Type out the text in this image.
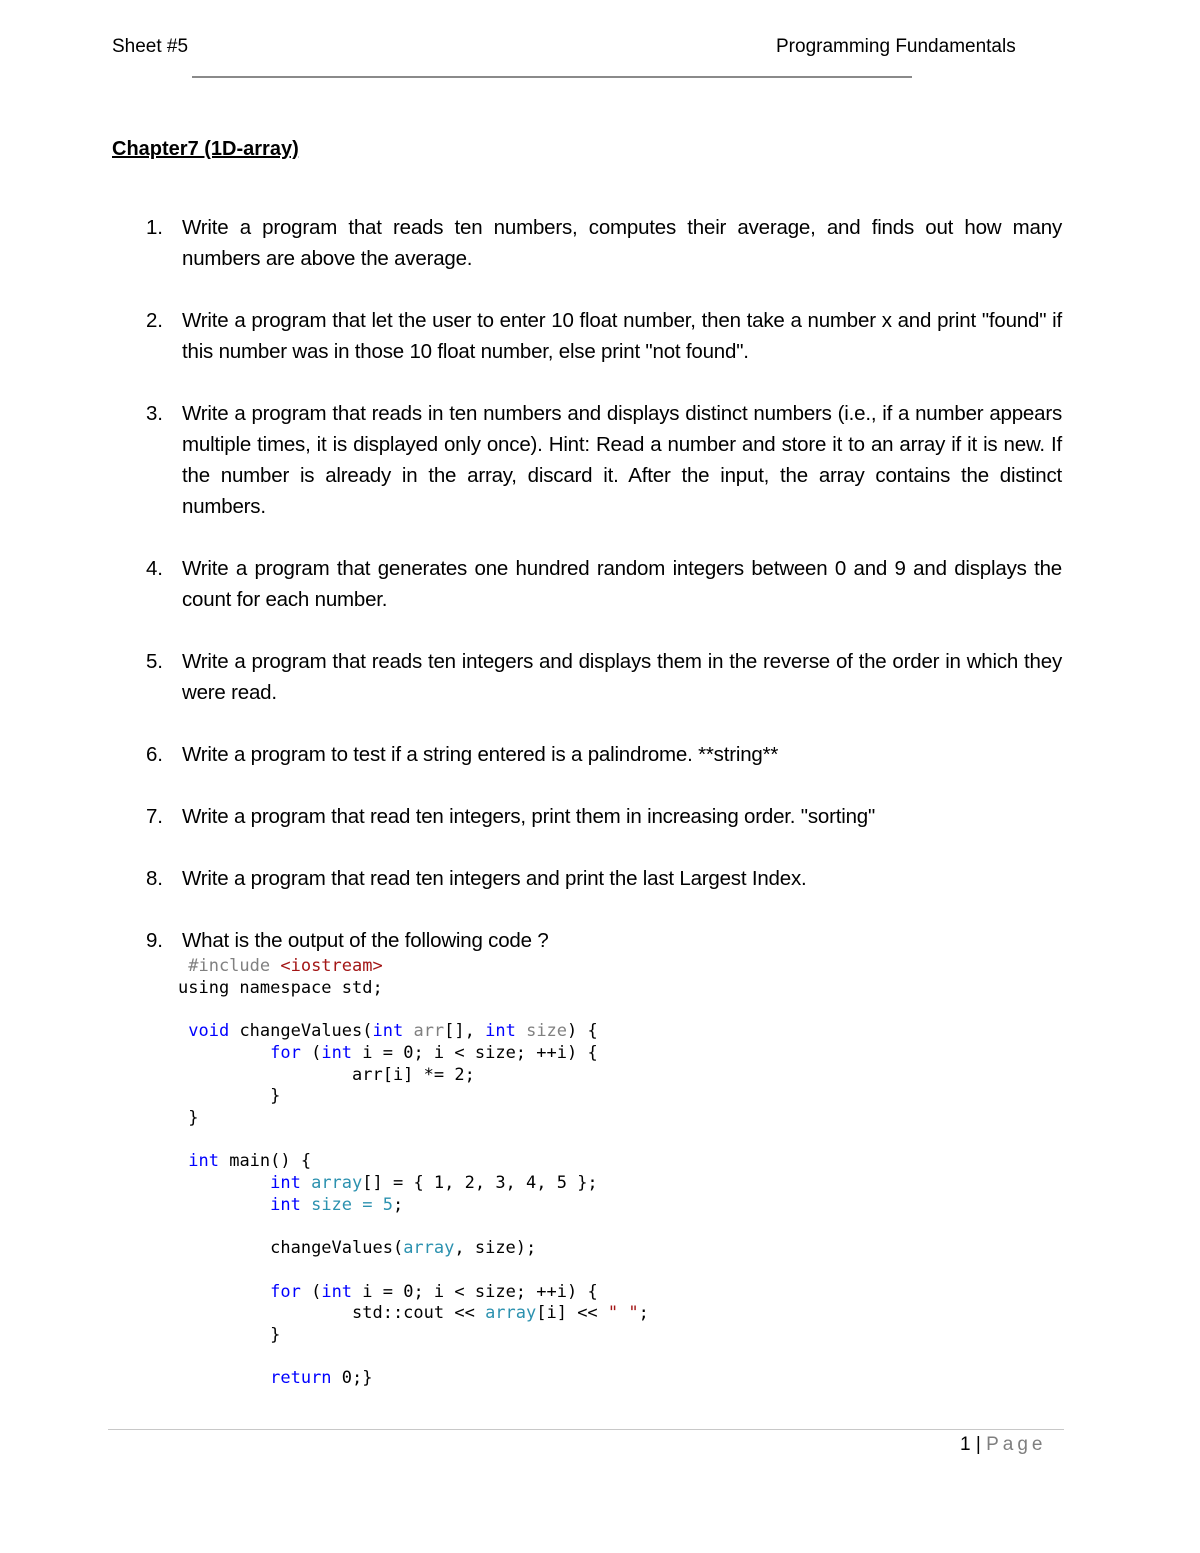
Sheet #5	Programming Fundamentals
Chapter7 (1D-array)
1. Write a program that reads ten numbers, computes their average, and finds out how many numbers are above the average.
2. Write a program that let the user to enter 10 float number, then take a number x and print "found" if this number was in those 10 float number, else print "not found".
3. Write a program that reads in ten numbers and displays distinct numbers (i.e., if a number appears multiple times, it is displayed only once). Hint: Read a number and store it to an array if it is new. If the number is already in the array, discard it. After the input, the array contains the distinct numbers.
4. Write a program that generates one hundred random integers between 0 and 9 and displays the count for each number.
5. Write a program that reads ten integers and displays them in the reverse of the order in which they were read.
6. Write a program to test if a string entered is a palindrome. **string**
7. Write a program that read ten integers, print them in increasing order. "sorting"
8. Write a program that read ten integers and print the last Largest Index.
9. What is the output of the following code ?
#include <iostream>
using namespace std;

void changeValues(int arr[], int size) {
for (int i = 0; i < size; ++i) {
arr[i] *= 2;
}
}

int main() {
int array[] = { 1, 2, 3, 4, 5 };
int size = 5;

changeValues(array, size);

for (int i = 0; i < size; ++i) {
std::cout << array[i] << " ";
}

return 0;}
1 | Page
